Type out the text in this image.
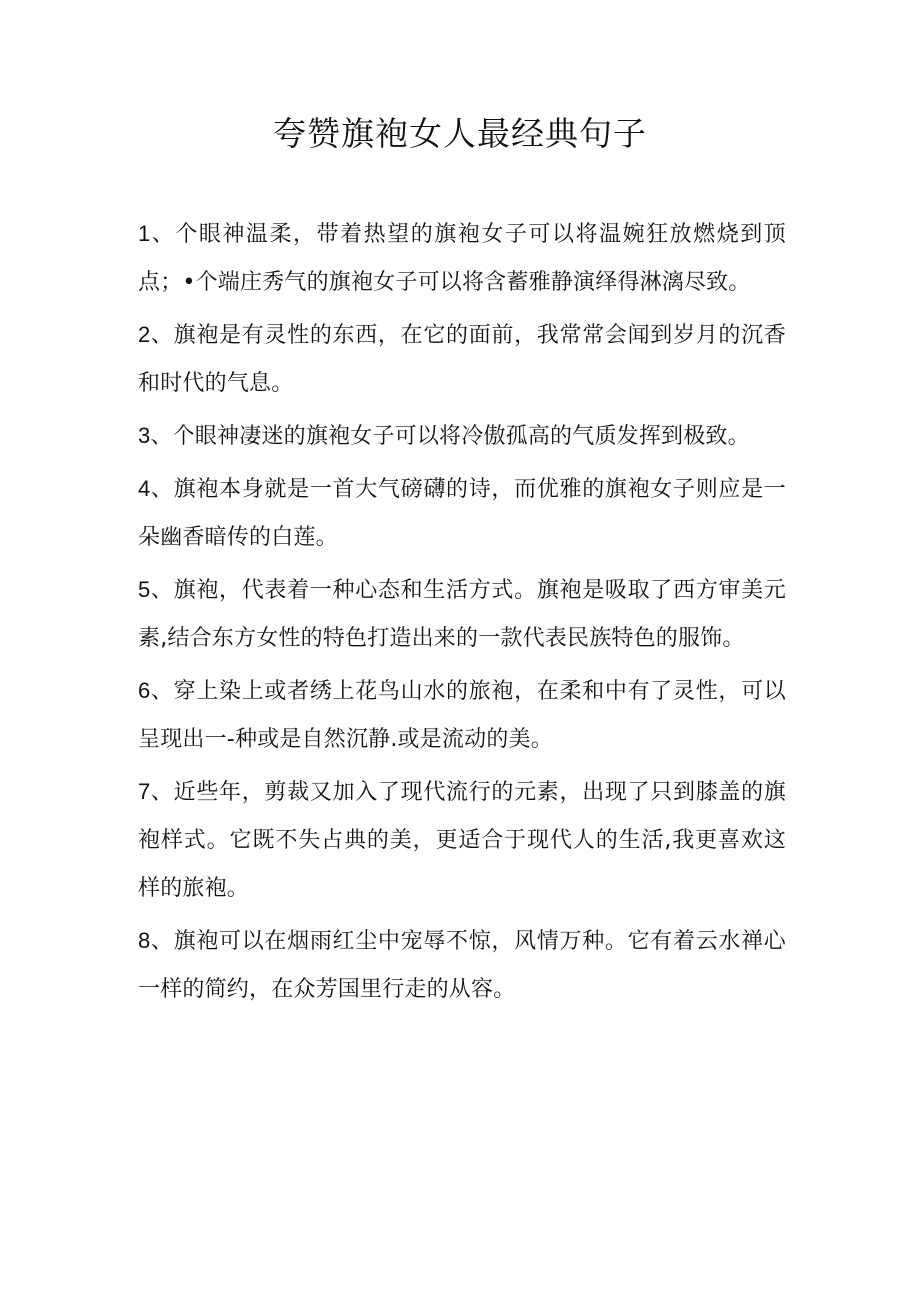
夸赞旗袍女人最经典句子
1、个眼神温柔，带着热望的旗袍女子可以将温婉狂放燃烧到顶点；•个端庄秀气的旗袍女子可以将含蓄雅静演绎得淋漓尽致。
2、旗袍是有灵性的东西，在它的面前，我常常会闻到岁月的沉香和时代的气息。
3、个眼神凄迷的旗袍女子可以将冷傲孤高的气质发挥到极致。
4、旗袍本身就是一首大气磅礴的诗，而优雅的旗袍女子则应是一朵幽香暗传的白莲。
5、旗袍，代表着一种心态和生活方式。旗袍是吸取了西方审美元素,结合东方女性的特色打造出来的一款代表民族特色的服饰。
6、穿上染上或者绣上花鸟山水的旅袍，在柔和中有了灵性，可以呈现出一-种或是自然沉静.或是流动的美。
7、近些年，剪裁又加入了现代流行的元素，出现了只到膝盖的旗袍样式。它既不失占典的美，更适合于现代人的生活,我更喜欢这样的旅袍。
8、旗袍可以在烟雨红尘中宠辱不惊，风情万种。它有着云水禅心一样的简约，在众芳国里行走的从容。
